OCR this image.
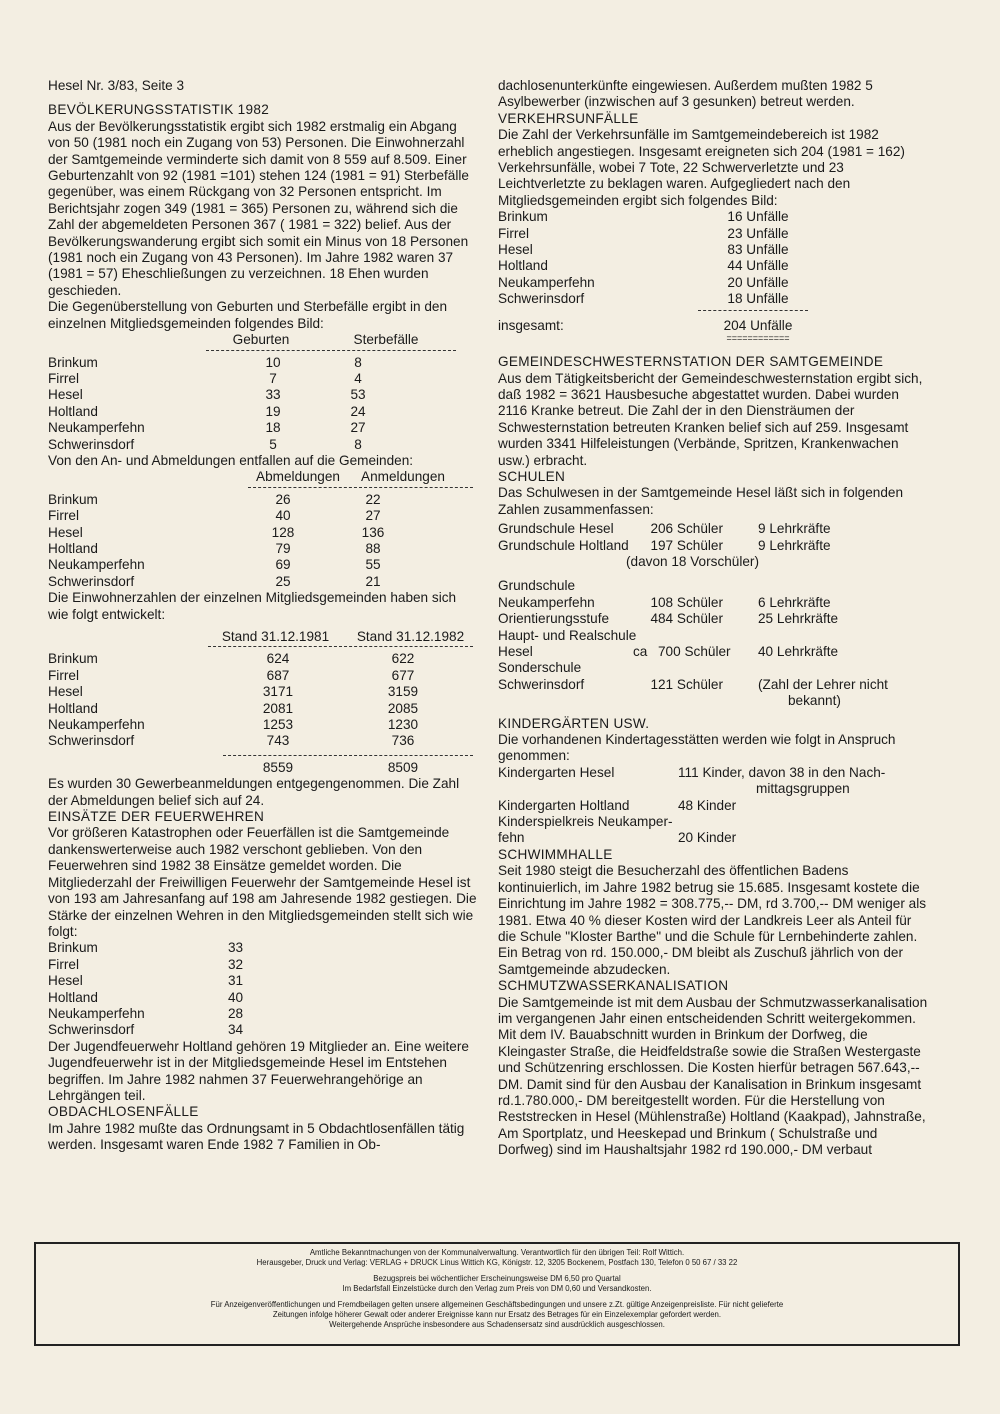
Hesel Nr. 3/83, Seite 3

BEVÖLKERUNGSSTATISTIK 1982

Aus der Bevölkerungsstatistik ergibt sich 1982 erstmalig ein Abgang von 50 (1981 noch ein Zugang von 53) Personen. Die Einwohnerzahl der Samtgemeinde verminderte sich damit von 8 559 auf 8.509. Einer Geburtenzahlt von 92 (1981 =101) stehen 124 (1981 = 91) Sterbefälle gegenüber, was einem Rückgang von 32 Personen entspricht. Im Berichtsjahr zogen 349 (1981 = 365) Personen zu, während sich die Zahl der abgemeldeten Personen 367 ( 1981 = 322) belief. Aus der Bevölkerungswanderung ergibt sich somit ein Minus von 18 Personen (1981 noch ein Zugang von 43 Personen). Im Jahre 1982 waren 37 (1981 = 57) Eheschließungen zu verzeichnen. 18 Ehen wurden geschieden.

Die Gegenüberstellung von Geburten und Sterbefälle ergibt in den einzelnen Mitgliedsgemeinden folgendes Bild:

Geburten	Sterbefälle
Brinkum	10	8
Firrel	7	4
Hesel	33	53
Holtland	19	24
Neukamperfehn	18	27
Schwerinsdorf	5	8

Von den An- und Abmeldungen entfallen auf die Gemeinden:

Abmeldungen	Anmeldungen
Brinkum	26	22
Firrel	40	27
Hesel	128	136
Holtland	79	88
Neukamperfehn	69	55
Schwerinsdorf	25	21

Die Einwohnerzahlen der einzelnen Mitgliedsgemeinden haben sich wie folgt entwickelt:

Stand 31.12.1981	Stand 31.12.1982
Brinkum	624	622
Firrel	687	677
Hesel	3171	3159
Holtland	2081	2085
Neukamperfehn	1253	1230
Schwerinsdorf	743	736
8559	8509

Es wurden 30 Gewerbeanmeldungen entgegengenommen. Die Zahl der Abmeldungen belief sich auf 24.

EINSÄTZE DER FEUERWEHREN

Vor größeren Katastrophen oder Feuerfällen ist die Samtgemeinde dankenswerterweise auch 1982 verschont geblieben. Von den Feuerwehren sind 1982 38 Einsätze gemeldet worden. Die Mitgliederzahl der Freiwilligen Feuerwehr der Samtgemeinde Hesel ist von 193 am Jahresanfang auf 198 am Jahresende 1982 gestiegen. Die Stärke der einzelnen Wehren in den Mitgliedsgemeinden stellt sich wie folgt:

Brinkum	33
Firrel	32
Hesel	31
Holtland	40
Neukamperfehn	28
Schwerinsdorf	34

Der Jugendfeuerwehr Holtland gehören 19 Mitglieder an. Eine weitere Jugendfeuerwehr ist in der Mitgliedsgemeinde Hesel im Entstehen begriffen. Im Jahre 1982 nahmen 37 Feuerwehrangehörige an Lehrgängen teil.

OBDACHLOSENFÄLLE

Im Jahre 1982 mußte das Ordnungsamt in 5 Obdachtlosenfällen tätig werden. Insgesamt waren Ende 1982 7 Familien in Ob-

dachlosenunterkünfte eingewiesen. Außerdem mußten 1982 5 Asylbewerber (inzwischen auf 3 gesunken) betreut werden.

VERKEHRSUNFÄLLE

Die Zahl der Verkehrsunfälle im Samtgemeindebereich ist 1982 erheblich angestiegen. Insgesamt ereigneten sich 204 (1981 = 162) Verkehrsunfälle, wobei 7 Tote, 22 Schwerverletzte und 23 Leichtverletzte zu beklagen waren. Aufgegliedert nach den Mitgliedsgemeinden ergibt sich folgendes Bild:

Brinkum	16 Unfälle
Firrel	23 Unfälle
Hesel	83 Unfälle
Holtland	44 Unfälle
Neukamperfehn	20 Unfälle
Schwerinsdorf	18 Unfälle
insgesamt:	204 Unfälle
============

GEMEINDESCHWESTERNSTATION DER SAMTGEMEINDE

Aus dem Tätigkeitsbericht der Gemeindeschwesternstation ergibt sich, daß 1982 = 3621 Hausbesuche abgestattet wurden. Dabei wurden 2116 Kranke betreut. Die Zahl der in den Diensträumen der Schwesternstation betreuten Kranken belief sich auf 259. Insgesamt wurden 3341 Hilfeleistungen (Verbände, Spritzen, Krankenwachen usw.) erbracht.

SCHULEN

Das Schulwesen in der Samtgemeinde Hesel läßt sich in folgenden Zahlen zusammenfassen:

Grundschule Hesel	206 Schüler	9 Lehrkräfte
Grundschule Holtland	197 Schüler	9 Lehrkräfte
(davon 18 Vorschüler)
Grundschule
Neukamperfehn	108 Schüler	6 Lehrkräfte
Orientierungsstufe	484 Schüler	25 Lehrkräfte
Haupt- und Realschule
Hesel	ca 700 Schüler	40 Lehrkräfte
Sonderschule
Schwerinsdorf	121 Schüler	(Zahl der Lehrer nicht
bekannt)

KINDERGÄRTEN USW.

Die vorhandenen Kindertagesstätten werden wie folgt in Anspruch genommen:

Kindergarten Hesel	111 Kinder, davon 38 in den Nach-
mittagsgruppen
Kindergarten Holtland	48 Kinder
Kinderspielkreis Neukamper-
fehn	20 Kinder

SCHWIMMHALLE

Seit 1980 steigt die Besucherzahl des öffentlichen Badens kontinuierlich, im Jahre 1982 betrug sie 15.685. Insgesamt kostete die Einrichtung im Jahre 1982 = 308.775,-- DM, rd 3.700,-- DM weniger als 1981. Etwa 40 % dieser Kosten wird der Landkreis Leer als Anteil für die Schule "Kloster Barthe" und die Schule für Lernbehinderte zahlen.

Ein Betrag von rd. 150.000,- DM bleibt als Zuschuß jährlich von der Samtgemeinde abzudecken.

SCHMUTZWASSERKANALISATION

Die Samtgemeinde ist mit dem Ausbau der Schmutzwasserkanalisation im vergangenen Jahr einen entscheidenden Schritt weitergekommen. Mit dem IV. Bauabschnitt wurden in Brinkum der Dorfweg, die Kleingaster Straße, die Heidfeldstraße sowie die Straßen Westergaste und Schützenring erschlossen. Die Kosten hierfür betragen 567.643,-- DM. Damit sind für den Ausbau der Kanalisation in Brinkum insgesamt rd.1.780.000,- DM bereitgestellt worden. Für die Herstellung von Reststrecken in Hesel (Mühlenstraße) Holtland (Kaakpad), Jahnstraße, Am Sportplatz, und Heeskepad und Brinkum ( Schulstraße und Dorfweg) sind im Haushaltsjahr 1982 rd 190.000,- DM verbaut

Amtliche Bekanntmachungen von der Kommunalverwaltung. Verantwortlich für den übrigen Teil: Rolf Wittich.

Herausgeber, Druck und Verlag: VERLAG + DRUCK Linus Wittich KG, Königstr. 12, 3205 Bockenem, Postfach 130, Telefon 0 50 67 / 33 22

Bezugspreis bei wöchentlicher Erscheinungsweise DM 6,50 pro Quartal

Im Bedarfsfall Einzelstücke durch den Verlag zum Preis von DM 0,60 und Versandkosten.

Für Anzeigenveröffentlichungen und Fremdbeilagen gelten unsere allgemeinen Geschäftsbedingungen und unsere z.Zt. gültige Anzeigenpreisliste. Für nicht gelieferte

Zeitungen infolge höherer Gewalt oder anderer Ereignisse kann nur Ersatz des Betrages für ein Einzelexemplar gefordert werden.

Weitergehende Ansprüche insbesondere aus Schadensersatz sind ausdrücklich ausgeschlossen.
